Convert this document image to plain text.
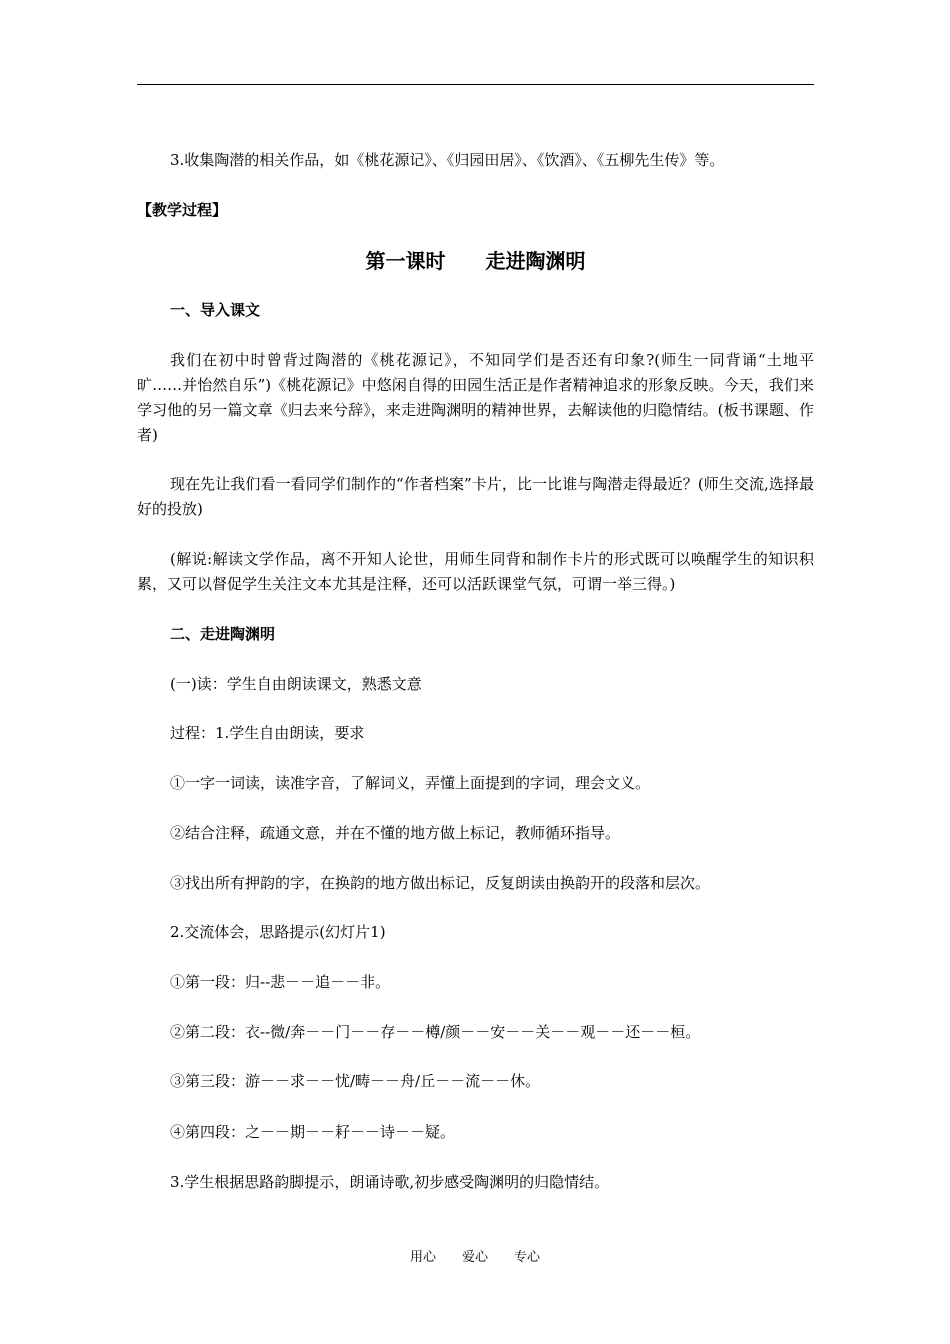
3.收集陶潜的相关作品，如《桃花源记》、《归园田居》、《饮酒》、《五柳先生传》等。
【教学过程】
第一课时　　走进陶渊明
一、导入课文

我们在初中时曾背过陶潜的《桃花源记》，不知同学们是否还有印象?(师生一同背诵“土地平旷……并怡然自乐”)《桃花源记》中悠闲自得的田园生活正是作者精神追求的形象反映。今天，我们来学习他的另一篇文章《归去来兮辞》，来走进陶渊明的精神世界，去解读他的归隐情结。(板书课题、作者)

现在先让我们看一看同学们制作的“作者档案”卡片，比一比谁与陶潜走得最近？(师生交流,选择最好的投放)

(解说:解读文学作品，离不开知人论世，用师生同背和制作卡片的形式既可以唤醒学生的知识积累，又可以督促学生关注文本尤其是注释，还可以活跃课堂气氛，可谓一举三得。)

二、走进陶渊明
(一)读：学生自由朗读课文，熟悉文意
过程：1.学生自由朗读，要求
①一字一词读，读准字音，了解词义，弄懂上面提到的字词，理会文义。
②结合注释，疏通文意，并在不懂的地方做上标记，教师循环指导。
③找出所有押韵的字，在换韵的地方做出标记，反复朗读由换韵开的段落和层次。
2.交流体会，思路提示(幻灯片1)
①第一段：归--悲－－追－－非。
②第二段：衣--微/奔－－门－－存－－樽/颜－－安－－关－－观－－还－－桓。
③第三段：游－－求－－忧/畴－－舟/丘－－流－－休。
④第四段：之－－期－－耔－－诗－－疑。
3.学生根据思路韵脚提示，朗诵诗歌,初步感受陶渊明的归隐情结。
用心　　爱心　　专心
